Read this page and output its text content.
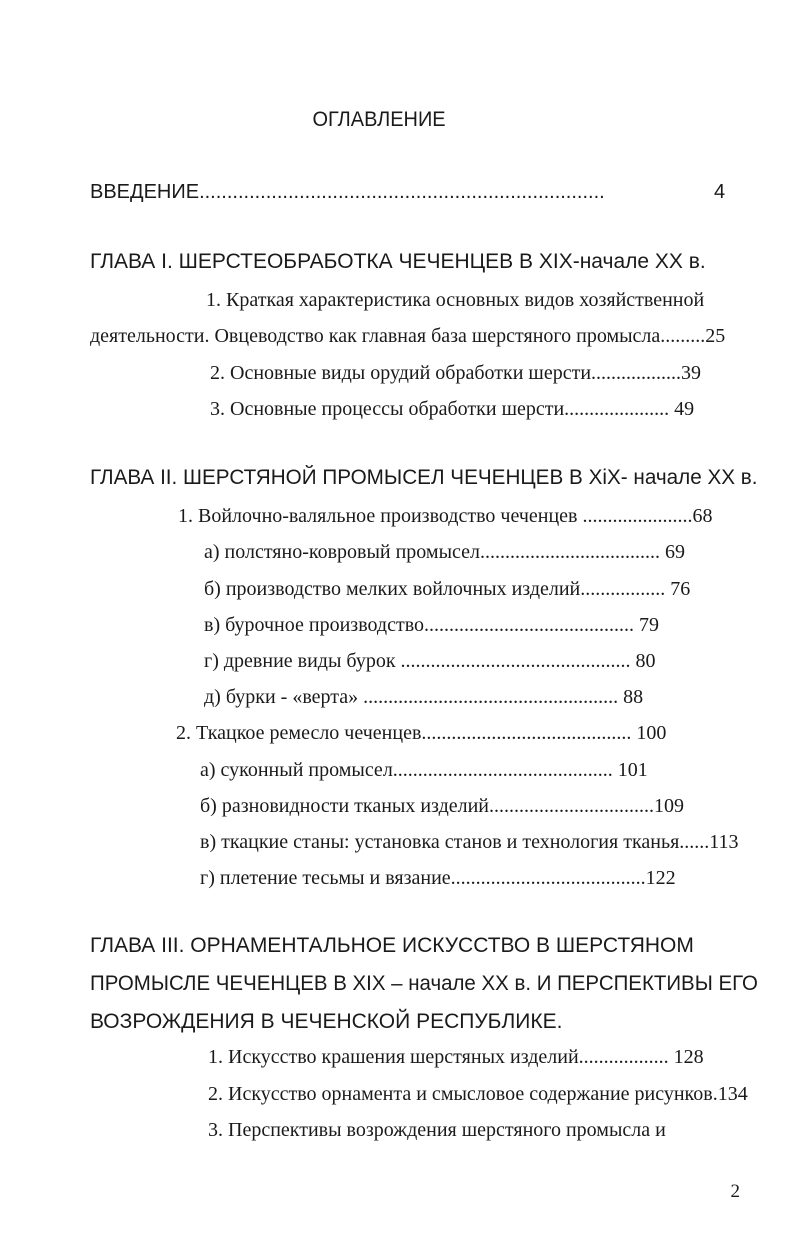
ОГЛАВЛЕНИЕ
ВВЕДЕНИЕ.........................................................................	4
ГЛАВА I. ШЕРСТЕОБРАБОТКА ЧЕЧЕНЦЕВ В XIX-начале XX в.
1. Краткая характеристика основных видов хозяйственной
деятельности. Овцеводство как главная база шерстяного промысла.........25
2. Основные виды орудий обработки шерсти..................39
3. Основные процессы обработки шерсти..................... 49
ГЛАВА II. ШЕРСТЯНОЙ ПРОМЫСЕЛ ЧЕЧЕНЦЕВ В XiX- начале XX в.
1. Войлочно-валяльное производство чеченцев ......................68
а) полстяно-ковровый промысел.................................... 69
б) производство мелких войлочных изделий................. 76
в) бурочное производство.......................................... 79
г) древние виды бурок .............................................. 80
д) бурки - «верта» ................................................... 88
2. Ткацкое ремесло чеченцев.......................................... 100
а) суконный промысел............................................ 101
б) разновидности тканых изделий.................................109
в) ткацкие станы: установка станов и технология тканья......113
г) плетение тесьмы и вязание.......................................122
ГЛАВА III. ОРНАМЕНТАЛЬНОЕ ИСКУССТВО В ШЕРСТЯНОМ
ПРОМЫСЛЕ ЧЕЧЕНЦЕВ В XIX – начале XX в. И ПЕРСПЕКТИВЫ ЕГО
ВОЗРОЖДЕНИЯ В ЧЕЧЕНСКОЙ РЕСПУБЛИКЕ.
1. Искусство крашения шерстяных изделий.................. 128
2. Искусство орнамента и смысловое содержание рисунков.134
3. Перспективы возрождения шерстяного промысла и
2
